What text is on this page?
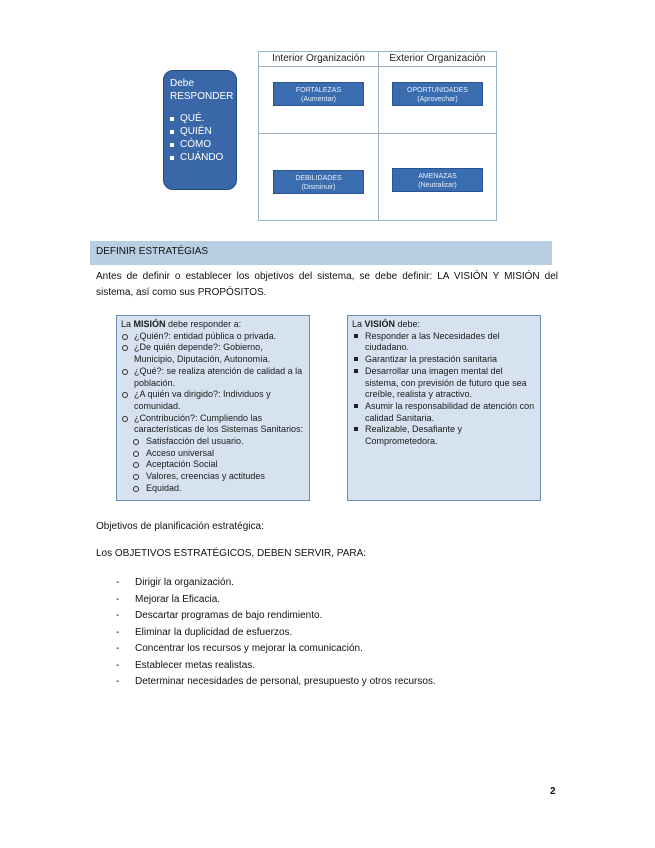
Debe RESPONDER
QUÉ.
QUIÉN
CÓMO
CUÁNDO
Interior Organización	Exterior Organización
FORTALEZAS
(Aumentar)
OPORTUNIDADES
(Aprovechar)
DEBILIDADES
(Disminuir)
AMENAZAS
(Neutralizar)
DEFINIR ESTRATÉGIAS
Antes de definir o establecer los objetivos del sistema, se debe definir: LA VISIÓN Y MISIÓN del sistema, así como sus PROPÓSITOS.
La MISIÓN debe responder a:
¿Quién?: entidad pública o privada.
¿De quién depende?: Gobierno, Municipio, Diputación, Autonomía.
¿Qué?: se realiza atención de calidad a la población.
¿A quién va dirigido?: Individuos y comunidad.
¿Contribución?: Cumpliendo las características de los Sistemas Sanitarios:
Satisfacción del usuario.
Acceso universal
Aceptación Social
Valores, creencias y actitudes
Equidad.
La VISIÓN debe:
Responder a las Necesidades del ciudadano.
Garantizar la prestación sanitaria
Desarrollar una imagen mental del sistema, con previsión de futuro que sea creíble, realista y atractivo.
Asumir la responsabilidad de atención con calidad Sanitaria.
Realizable, Desafiante y Comprometedora.
Objetivos de planificación estratégica:
Los OBJETIVOS ESTRATÉGICOS, DEBEN SERVIR, PARA:
- Dirigir la organización.
- Mejorar la Eficacia.
- Descartar programas de bajo rendimiento.
- Eliminar la duplicidad de esfuerzos.
- Concentrar los recursos y mejorar la comunicación.
- Establecer metas realistas.
- Determinar necesidades de personal, presupuesto y otros recursos.
2
